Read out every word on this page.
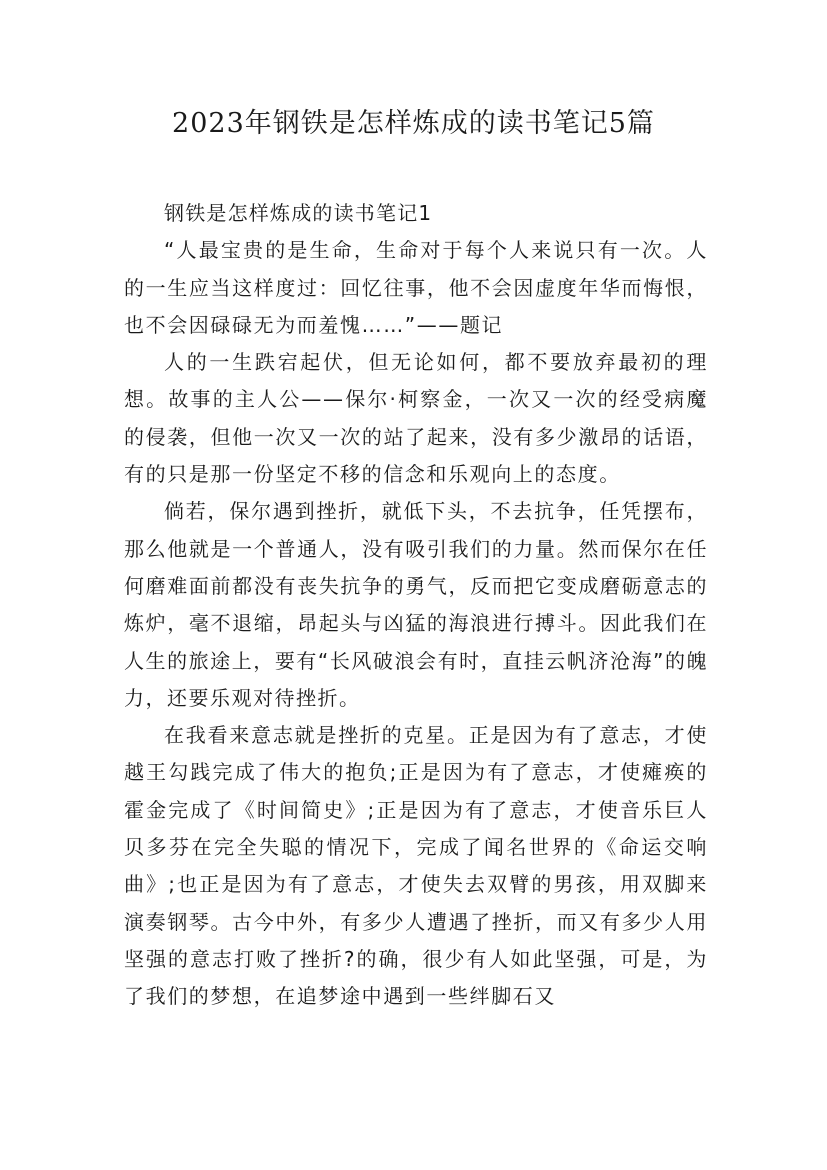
2023年钢铁是怎样炼成的读书笔记5篇

钢铁是怎样炼成的读书笔记1

“人最宝贵的是生命，生命对于每个人来说只有一次。人的一生应当这样度过：回忆往事，他不会因虚度年华而悔恨，也不会因碌碌无为而羞愧……”——题记

人的一生跌宕起伏，但无论如何，都不要放弃最初的理想。故事的主人公——保尔·柯察金，一次又一次的经受病魔的侵袭，但他一次又一次的站了起来，没有多少激昂的话语，有的只是那一份坚定不移的信念和乐观向上的态度。

倘若，保尔遇到挫折，就低下头，不去抗争，任凭摆布，那么他就是一个普通人，没有吸引我们的力量。然而保尔在任何磨难面前都没有丧失抗争的勇气，反而把它变成磨砺意志的炼炉，毫不退缩，昂起头与凶猛的海浪进行搏斗。因此我们在人生的旅途上，要有“长风破浪会有时，直挂云帆济沧海”的魄力，还要乐观对待挫折。

在我看来意志就是挫折的克星。正是因为有了意志，才使越王勾践完成了伟大的抱负;正是因为有了意志，才使瘫痪的霍金完成了《时间简史》;正是因为有了意志，才使音乐巨人贝多芬在完全失聪的情况下，完成了闻名世界的《命运交响曲》;也正是因为有了意志，才使失去双臂的男孩，用双脚来演奏钢琴。古今中外，有多少人遭遇了挫折，而又有多少人用坚强的意志打败了挫折?的确，很少有人如此坚强，可是，为了我们的梦想，在追梦途中遇到一些绊脚石又
